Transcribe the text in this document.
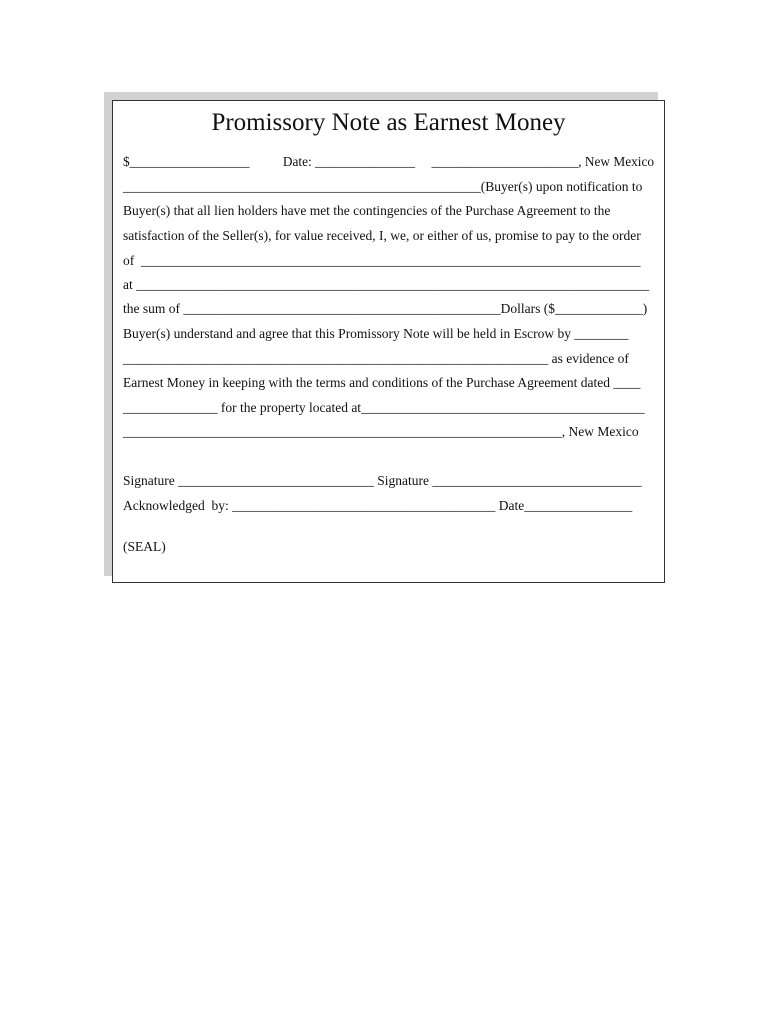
Promissory Note as Earnest Money
$__________________          Date: _______________     ______________________, New Mexico
_____________________________________________________(Buyer(s) upon notification to
Buyer(s) that all lien holders have met the contingencies of the Purchase Agreement to the
satisfaction of the Seller(s), for value received, I, we, or either of us, promise to pay to the order
of  __________________________________________________________________________
at ____________________________________________________________________________
the sum of _______________________________________________Dollars ($_____________)
Buyer(s) understand and agree that this Promissory Note will be held in Escrow by ________
_______________________________________________________________ as evidence of
Earnest Money in keeping with the terms and conditions of the Purchase Agreement dated ____
______________ for the property located at__________________________________________
_________________________________________________________________, New Mexico
Signature _____________________________ Signature _______________________________
Acknowledged  by: _______________________________________ Date________________
(SEAL)
